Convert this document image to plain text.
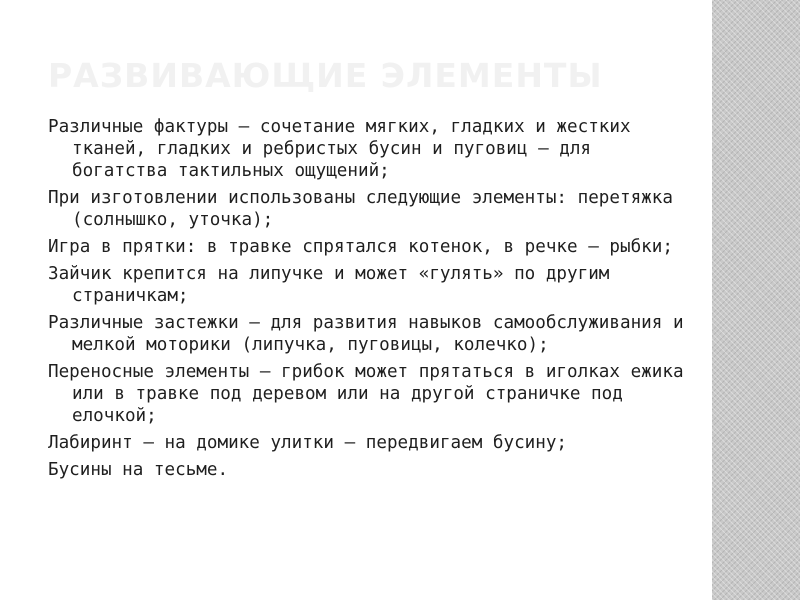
РАЗВИВАЮЩИЕ ЭЛЕМЕНТЫ
Различные фактуры – сочетание мягких, гладких и жестких тканей, гладких и ребристых бусин и пуговиц – для богатства тактильных ощущений;
При изготовлении использованы следующие элементы: перетяжка (солнышко, уточка);
Игра в прятки: в травке спрятался котенок, в речке – рыбки;
Зайчик крепится на липучке и может «гулять» по другим страничкам;
Различные застежки – для развития навыков самообслуживания и мелкой моторики (липучка, пуговицы, колечко);
Переносные элементы – грибок может прятаться в иголках ежика или в травке под деревом или на другой страничке под елочкой;
Лабиринт – на домике улитки – передвигаем бусину;
Бусины на тесьме.
